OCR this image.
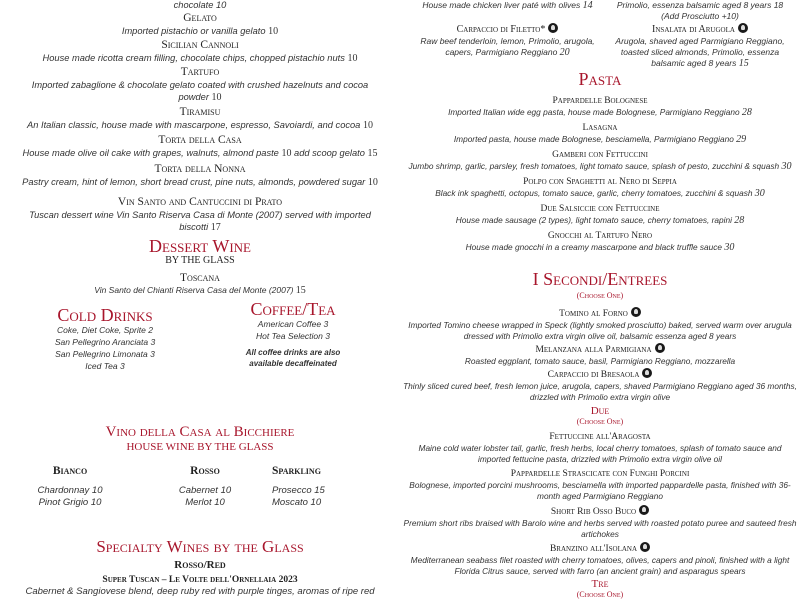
chocolate 10
Gelato
Imported pistachio or vanilla gelato 10
Sicilian Cannoli
House made ricotta cream filling, chocolate chips, chopped pistachio nuts 10
Tartufo
Imported zabaglione & chocolate gelato coated with crushed hazelnuts and cocoa powder 10
Tiramisu
An Italian classic, house made with mascarpone, espresso, Savoiardi, and cocoa 10
Torta della Casa
House made olive oil cake with grapes, walnuts, almond paste 10 add scoop gelato 15
Torta della Nonna
Pastry cream, hint of lemon, short bread crust, pine nuts, almonds, powdered sugar 10
Vin Santo and Cantuccini di Prato
Tuscan dessert wine Vin Santo Riserva Casa di Monte (2007) served with imported biscotti 17
Dessert Wine
BY THE GLASS
Toscana
Vin Santo del Chianti Riserva Casa del Monte (2007) 15
Cold Drinks
Coke, Diet Coke, Sprite 2
San Pellegrino Aranciata 3
San Pellegrino Limonata 3
Iced Tea 3
Coffee/Tea
American Coffee 3
Hot Tea Selection 3
All coffee drinks are also available decaffeinated
Vino della Casa al Bicchiere
HOUSE WINE BY THE GLASS
Bianco
Chardonnay 10
Pinot Grigio 10
Rosso
Cabernet 10
Merlot 10
Sparkling
Prosecco 15
Moscato 10
Specialty Wines by the Glass
Rosso/Red
Super Tuscan – Le Volte dell'Ornellaia 2023
Cabernet & Sangiovese blend, deep ruby red with purple tinges, aromas of ripe red
House made chicken liver paté with olives 14	Primolio, essenza balsamic aged 8 years 18
(Add Prosciutto +10)
Carpaccio di Filetto*
Raw beef tenderloin, lemon, Primolio, arugola, capers, Parmigiano Reggiano 20
Insalata di Arugola
Arugola, shaved aged Parmigiano Reggiano, toasted sliced almonds, Primolio, essenza balsamic aged 8 years 15
Pasta
Pappardelle Bolognese
Imported Italian wide egg pasta, house made Bolognese, Parmigiano Reggiano 28
Lasagna
Imported pasta, house made Bolognese, besciamella, Parmigiano Reggiano 29
Gamberi con Fettuccini
Jumbo shrimp, garlic, parsley, fresh tomatoes, light tomato sauce, splash of pesto, zucchini & squash 30
Polpo con Spaghetti al Nero di Seppia
Black ink spaghetti, octopus, tomato sauce, garlic, cherry tomatoes, zucchini & squash 30
Due Salsiccie con Fettuccine
House made sausage (2 types), light tomato sauce, cherry tomatoes, rapini 28
Gnocchi al Tartufo Nero
House made gnocchi in a creamy mascarpone and black truffle sauce 30
I Secondi/Entrees
(Choose One)
Tomino al Forno
Imported Tomino cheese wrapped in Speck (lightly smoked prosciutto) baked, served warm over arugula dressed with Primolio extra virgin olive oil, balsamic essenza aged 8 years
Melanzana alla Parmigiana
Roasted eggplant, tomato sauce, basil, Parmigiano Reggiano, mozzarella
Carpaccio di Bresaola
Thinly sliced cured beef, fresh lemon juice, arugola, capers, shaved Parmigiano Reggiano aged 36 months, drizzled with Primolio extra virgin olive
Due
(Choose One)
Fettuccine all'Aragosta
Maine cold water lobster tail, garlic, fresh herbs, local cherry tomatoes, splash of tomato sauce and imported fettucine pasta, drizzled with Primolio extra virgin olive oil
Pappardelle Strascicate con Funghi Porcini
Bolognese, imported porcini mushrooms, besciamella with imported pappardelle pasta, finished with 36-month aged Parmigiano Reggiano
Short Rib Osso Buco
Premium short ribs braised with Barolo wine and herbs served with roasted potato puree and sauteed fresh artichokes
Branzino all'Isolana
Mediterranean seabass filet roasted with cherry tomatoes, olives, capers and pinoli, finished with a light Florida Citrus sauce, served with farro (an ancient grain) and asparagus spears
Tre
(Choose One)
